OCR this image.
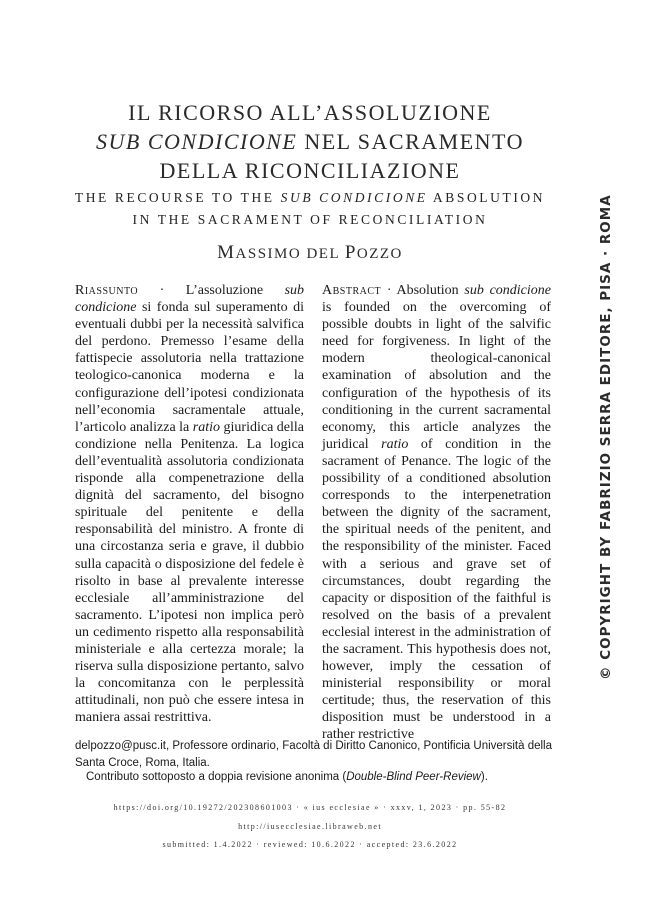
IL RICORSO ALL’ASSOLUZIONE
SUB CONDICIONE NEL SACRAMENTO
DELLA RICONCILIAZIONE
THE RECOURSE TO THE SUB CONDICIONE ABSOLUTION
IN THE SACRAMENT OF RECONCILIATION
MASSIMO DEL POZZO
Riassunto · L’assoluzione sub condicione si fonda sul superamento di eventuali dubbi per la necessità salvifica del perdono. Premesso l’esame della fattispecie assolutoria nella trattazione teologico-canonica moderna e la configurazione dell’ipotesi condizionata nell’economia sacramentale attuale, l’articolo analizza la ratio giuridica della condizione nella Penitenza. La logica dell’eventualità assolutoria condizionata risponde alla compenetrazione della dignità del sacramento, del bisogno spirituale del penitente e della responsabilità del ministro. A fronte di una circostanza seria e grave, il dubbio sulla capacità o disposizione del fedele è risolto in base al prevalente interesse ecclesiale all’amministrazione del sacramento. L’ipotesi non implica però un cedimento rispetto alla responsabilità ministeriale e alla certezza morale; la riserva sulla disposizione pertanto, salvo la concomitanza con le perplessità attitudinali, non può che essere intesa in maniera assai restrittiva.
Abstract · Absolution sub condicione is founded on the overcoming of possible doubts in light of the salvific need for forgiveness. In light of the modern theological-canonical examination of absolution and the configuration of the hypothesis of its conditioning in the current sacramental economy, this article analyzes the juridical ratio of condition in the sacrament of Penance. The logic of the possibility of a conditioned absolution corresponds to the interpenetration between the dignity of the sacrament, the spiritual needs of the penitent, and the responsibility of the minister. Faced with a serious and grave set of circumstances, doubt regarding the capacity or disposition of the faithful is resolved on the basis of a prevalent ecclesial interest in the administration of the sacrament. This hypothesis does not, however, imply the cessation of ministerial responsibility or moral certitude; thus, the reservation of this disposition must be understood in a rather restrictive
delpozzo@pusc.it, Professore ordinario, Facoltà di Diritto Canonico, Pontificia Università della Santa Croce, Roma, Italia.
Contributo sottoposto a doppia revisione anonima (Double-Blind Peer-Review).
https://doi.org/10.19272/202308601003 · « ius ecclesiae » · xxxv, 1, 2023 · pp. 55-82
http://iusecclesiae.libraweb.net
submitted: 1.4.2022 · reviewed: 10.6.2022 · accepted: 23.6.2022
© COPYRIGHT BY FABRIZIO SERRA EDITORE, PISA · ROMA
